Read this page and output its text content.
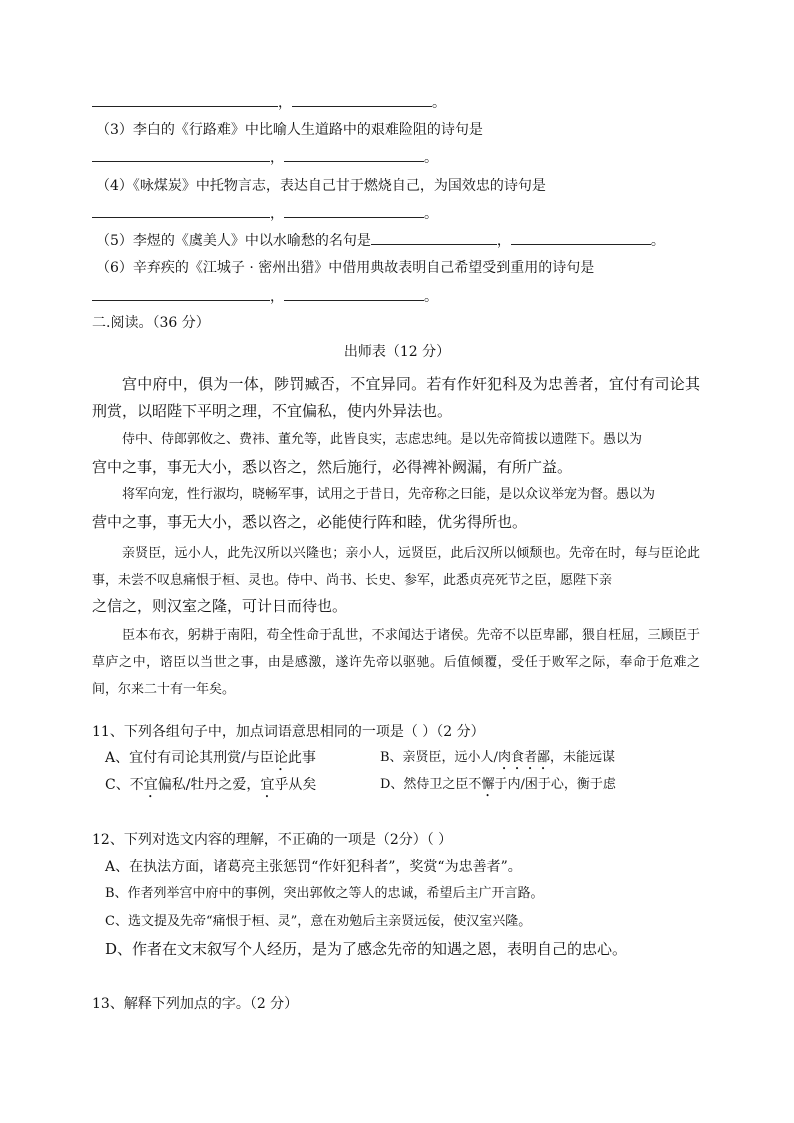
，	。
（3）李白的《行路难》中比喻人生道路中的艰难险阻的诗句是
，	。
（4）《咏煤炭》中托物言志，表达自己甘于燃烧自己，为国效忠的诗句是
，	。
（5）李煜的《虞美人》中以水喻愁的名句是	，	。
（6）辛弃疾的《江城子 · 密州出猎》中借用典故表明自己希望受到重用的诗句是
，	。
二.阅读。（36 分）
出师表（12 分）
宫中府中，俱为一体，陟罚臧否，不宜异同。若有作奸犯科及为忠善者，宜付有司论其刑赏，以昭陛下平明之理，不宜偏私，使内外异法也。
侍中、侍郎郭攸之、费祎、董允等，此皆良实，志虑忠纯。是以先帝简拔以遗陛下。愚以为
宫中之事，事无大小，悉以咨之，然后施行，必得裨补阙漏，有所广益。
将军向宠，性行淑均，晓畅军事，试用之于昔日，先帝称之曰能，是以众议举宠为督。愚以为
营中之事，事无大小，悉以咨之，必能使行阵和睦，优劣得所也。
亲贤臣，远小人，此先汉所以兴隆也；亲小人，远贤臣，此后汉所以倾颓也。先帝在时，每与臣论此事，未尝不叹息痛恨于桓、灵也。侍中、尚书、长史、参军，此悉贞亮死节之臣，愿陛下亲
之信之，则汉室之隆，可计日而待也。
臣本布衣，躬耕于南阳，苟全性命于乱世，不求闻达于诸侯。先帝不以臣卑鄙，猥自枉屈，三顾臣于草庐之中，谘臣以当世之事，由是感激，遂许先帝以驱驰。后值倾覆，受任于败军之际，奉命于危难之间，尔来二十有一年矣。
11、下列各组句子中，加点词语意思相同的一项是（ ）（2 分）
A、宜付有司论其刑赏/与臣论此事	B、亲贤臣，远小人/肉食者鄙，未能远谋
C、不宜偏私/牡丹之爱，宜乎从矣	D、然侍卫之臣不懈于内/困于心，衡于虑
12、下列对选文内容的理解，不正确的一项是（2分）（ ）
A、在执法方面，诸葛亮主张惩罚“作奸犯科者”，奖赏“为忠善者”。
B、作者列举宫中府中的事例，突出郭攸之等人的忠诚，希望后主广开言路。
C、选文提及先帝“痛恨于桓、灵”，意在劝勉后主亲贤远佞，使汉室兴隆。
D、作者在文末叙写个人经历，是为了感念先帝的知遇之恩，表明自己的忠心。
13、解释下列加点的字。（2 分）
